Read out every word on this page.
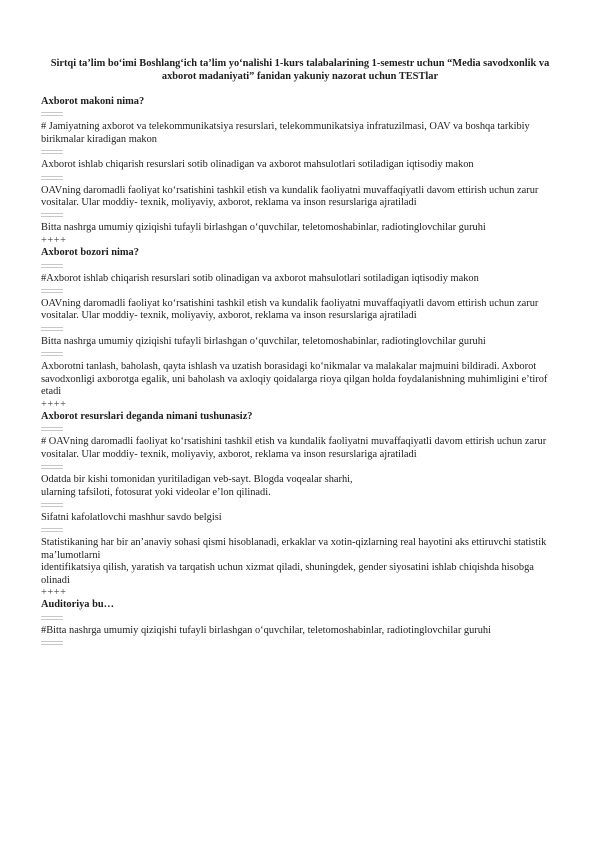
Sirtqi ta’lim bo‘imi Boshlang‘ich ta’lim yo‘nalishi 1-kurs talabalarining 1-semestr uchun “Media savodxonlik va axborot madaniyati” fanidan yakuniy nazorat uchun TESTlar

Axborot makoni nima?

# Jamiyatning axborot va telekommunikatsiya resurslari, telekommunikatsiya infratuzilmasi, OAV va boshqa tarkibiy birikmalar kiradigan makon

Axborot ishlab chiqarish resurslari sotib olinadigan va axborot mahsulotlari sotiladigan iqtisodiy makon

OAVning daromadli faoliyat ko‘rsatishini tashkil etish va kundalik faoliyatni muvaffaqiyatli davom ettirish uchun zarur vositalar. Ular moddiy- texnik, moliyaviy, axborot, reklama va inson resurslariga ajratiladi

Bitta nashrga umumiy qiziqishi tufayli birlashgan o‘quvchilar, teletomoshabinlar, radiotinglovchilar guruhi

++++

Axborot bozori nima?

#Axborot ishlab chiqarish resurslari sotib olinadigan va axborot mahsulotlari sotiladigan iqtisodiy makon

OAVning daromadli faoliyat ko‘rsatishini tashkil etish va kundalik faoliyatni muvaffaqiyatli davom ettirish uchun zarur vositalar. Ular moddiy- texnik, moliyaviy, axborot, reklama va inson resurslariga ajratiladi

Bitta nashrga umumiy qiziqishi tufayli birlashgan o‘quvchilar, teletomoshabinlar, radiotinglovchilar guruhi

Axborotni tanlash, baholash, qayta ishlash va uzatish borasidagi ko‘nikmalar va malakalar majmuini bildiradi. Axborot savodxonligi axborotga egalik, uni baholash va axloqiy qoidalarga rioya qilgan holda foydalanishning muhimligini e’tirof etadi

++++

Axborot resurslari deganda nimani tushunasiz?

# OAVning daromadli faoliyat ko‘rsatishini tashkil etish va kundalik faoliyatni muvaffaqiyatli davom ettirish uchun zarur vositalar. Ular moddiy- texnik, moliyaviy, axborot, reklama va inson resurslariga ajratiladi

Odatda bir kishi tomonidan yuritiladigan veb-sayt. Blogda voqealar sharhi,
ularning tafsiloti, fotosurat yoki videolar e’lon qilinadi.

Sifatni kafolatlovchi mashhur savdo belgisi

Statistikaning har bir an’anaviy sohasi qismi hisoblanadi, erkaklar va xotin-qizlarning real hayotini aks ettiruvchi statistik ma’lumotlarni
identifikatsiya qilish, yaratish va tarqatish uchun xizmat qiladi, shuningdek, gender siyosatini ishlab chiqishda hisobga olinadi

++++

Auditoriya bu…

#Bitta nashrga umumiy qiziqishi tufayli birlashgan o‘quvchilar, teletomoshabinlar, radiotinglovchilar guruhi
